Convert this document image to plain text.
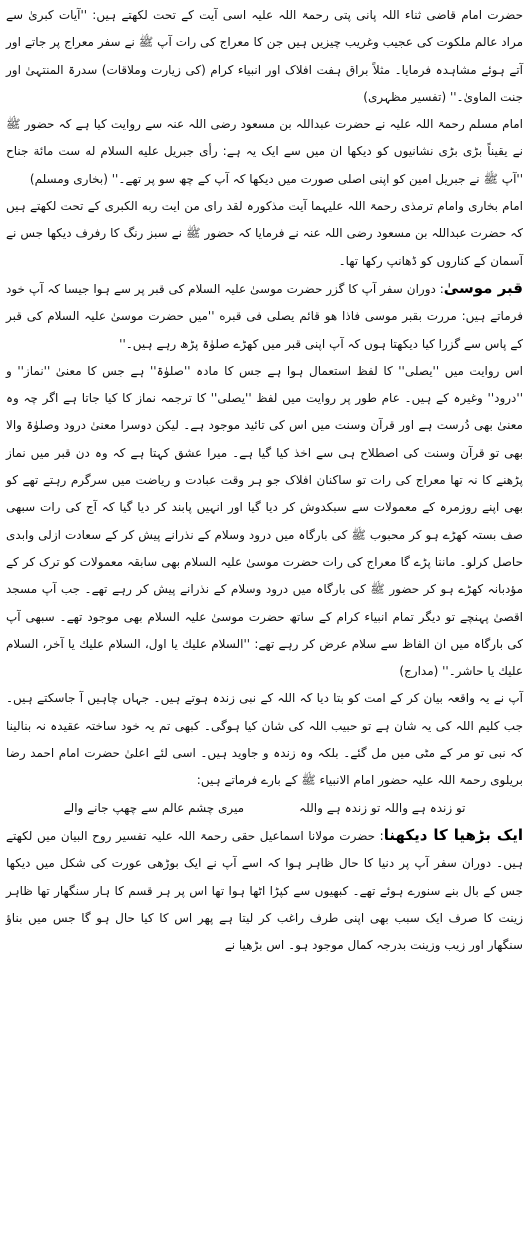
حضرت امام قاضی ثناء اللہ پانی پتی رحمۃ اللہ علیہ اسی آیت کے تحت لکھتے ہیں: ''آیات کبریٰ سے مراد عالم ملکوت کی عجیب وغریب چیزیں ہیں جن کا معراج کی رات آپ ﷺ نے سفر معراج پر جاتے اور آتے ہوئے مشاہدہ فرمایا۔ مثلاً براق ہفت افلاک اور انبیاء کرام (کی زیارت وملاقات) سدرۃ المنتہیٰ اور جنت الماویٰ۔'' (تفسیر مظہری)

امام مسلم رحمۃ اللہ علیہ نے حضرت عبداللہ بن مسعود رضی اللہ عنہ سے روایت کیا ہے کہ حضور ﷺ نے یقیناً بڑی بڑی نشانیوں کو دیکھا ان میں سے ایک یہ ہے: رأی جبریل علیه السلام له ست مائة جناح ''آپ ﷺ نے جبریل امین کو اپنی اصلی صورت میں دیکھا کہ آپ کے چھ سو پر تھے۔'' (بخاری ومسلم)

امام بخاری وامام ترمذی رحمۃ اللہ علیہما آیت مذکورہ لقد رای من ایت ربه الکبری کے تحت لکھتے ہیں کہ حضرت عبداللہ بن مسعود رضی اللہ عنہ نے فرمایا کہ حضور ﷺ نے سبز رنگ کا رفرف دیکھا جس نے آسمان کے کناروں کو ڈھانپ رکھا تھا۔

قبر موسیٰ: دوران سفر آپ کا گزر حضرت موسیٰ علیہ السلام کی قبر پر سے ہوا جیسا کہ آپ خود فرماتے ہیں: مررت بقبر موسی فاذا هو قائم یصلی فی قبره ''میں حضرت موسیٰ علیہ السلام کی قبر کے پاس سے گزرا کیا دیکھتا ہوں کہ آپ اپنی قبر میں کھڑے صلوٰۃ پڑھ رہے ہیں۔''

اس روایت میں ''یصلی'' کا لفظ استعمال ہوا ہے جس کا مادہ ''صلوٰۃ'' ہے جس کا معنیٰ ''نماز'' و ''درود'' وغیرہ کے ہیں۔ عام طور پر روایت میں لفظ ''یصلی'' کا ترجمہ نماز کا کیا جاتا ہے اگر چہ وہ معنیٰ بھی دُرست ہے اور قرآن وسنت میں اس کی تائید موجود ہے۔ لیکن دوسرا معنیٰ درود وصلوٰۃ والا بھی تو قرآن وسنت کی اصطلاح ہی سے اخذ کیا گیا ہے۔ میرا عشق کہتا ہے کہ وہ دن قبر میں نماز پڑھنے کا نہ تھا معراج کی رات تو ساکنان افلاک جو ہر وقت عبادت و ریاضت میں سرگرم رہتے تھے کو بھی اپنے روزمرہ کے معمولات سے سبکدوش کر دیا گیا اور انہیں پابند کر دیا گیا کہ آج کی رات سبھی صف بستہ کھڑے ہو کر محبوب ﷺ کی بارگاہ میں درود وسلام کے نذرانے پیش کر کے سعادت ازلی وابدی حاصل کرلو۔ ماننا پڑے گا معراج کی رات حضرت موسیٰ علیہ السلام بھی سابقہ معمولات کو ترک کر کے مؤدبانہ کھڑے ہو کر حضور ﷺ کی بارگاہ میں درود وسلام کے نذرانے پیش کر رہے تھے۔ جب آپ مسجد اقصیٰ پہنچے تو دیگر تمام انبیاء کرام کے ساتھ حضرت موسیٰ علیہ السلام بھی موجود تھے۔ سبھی آپ کی بارگاہ میں ان الفاظ سے سلام عرض کر رہے تھے: ''السلام علیك یا اول، السلام علیك یا آخر، السلام علیك یا حاشر۔'' (مدارج)

آپ نے یہ واقعہ بیان کر کے امت کو بتا دیا کہ اللہ کے نبی زندہ ہوتے ہیں۔ جہاں چاہیں آ جاسکتے ہیں۔ جب کلیم اللہ کی یہ شان ہے تو حبیب اللہ کی شان کیا ہوگی۔ کبھی تم یہ خود ساختہ عقیدہ نہ بنالینا کہ نبی تو مر کے مٹی میں مل گئے۔ بلکہ وہ زندہ و جاوید ہیں۔ اسی لئے اعلیٰ حضرت امام احمد رضا بریلوی رحمۃ اللہ علیہ حضور امام الانبیاء ﷺ کے بارے فرماتے ہیں:

تو زندہ ہے واللہ تو زندہ ہے واللہ
میری چشم عالم سے چھپ جانے والے

ایک بڑھیا کا دیکھنا: حضرت مولانا اسماعیل حقی رحمۃ اللہ علیہ تفسیر روح البیان میں لکھتے ہیں۔ دوران سفر آپ پر دنیا کا حال ظاہر ہوا کہ اسے آپ نے ایک بوڑھی عورت کی شکل میں دیکھا جس کے بال بنے سنورے ہوئے تھے۔ کبھیوں سے کپڑا اٹھا ہوا تھا اس پر ہر قسم کا ہار سنگھار تھا ظاہر زینت کا صرف ایک سبب بھی اپنی طرف راغب کر لیتا ہے پھر اس کا کیا حال ہو گا جس میں بناؤ سنگھار اور زیب وزینت بدرجہ کمال موجود ہو۔ اس بڑھیا نے
